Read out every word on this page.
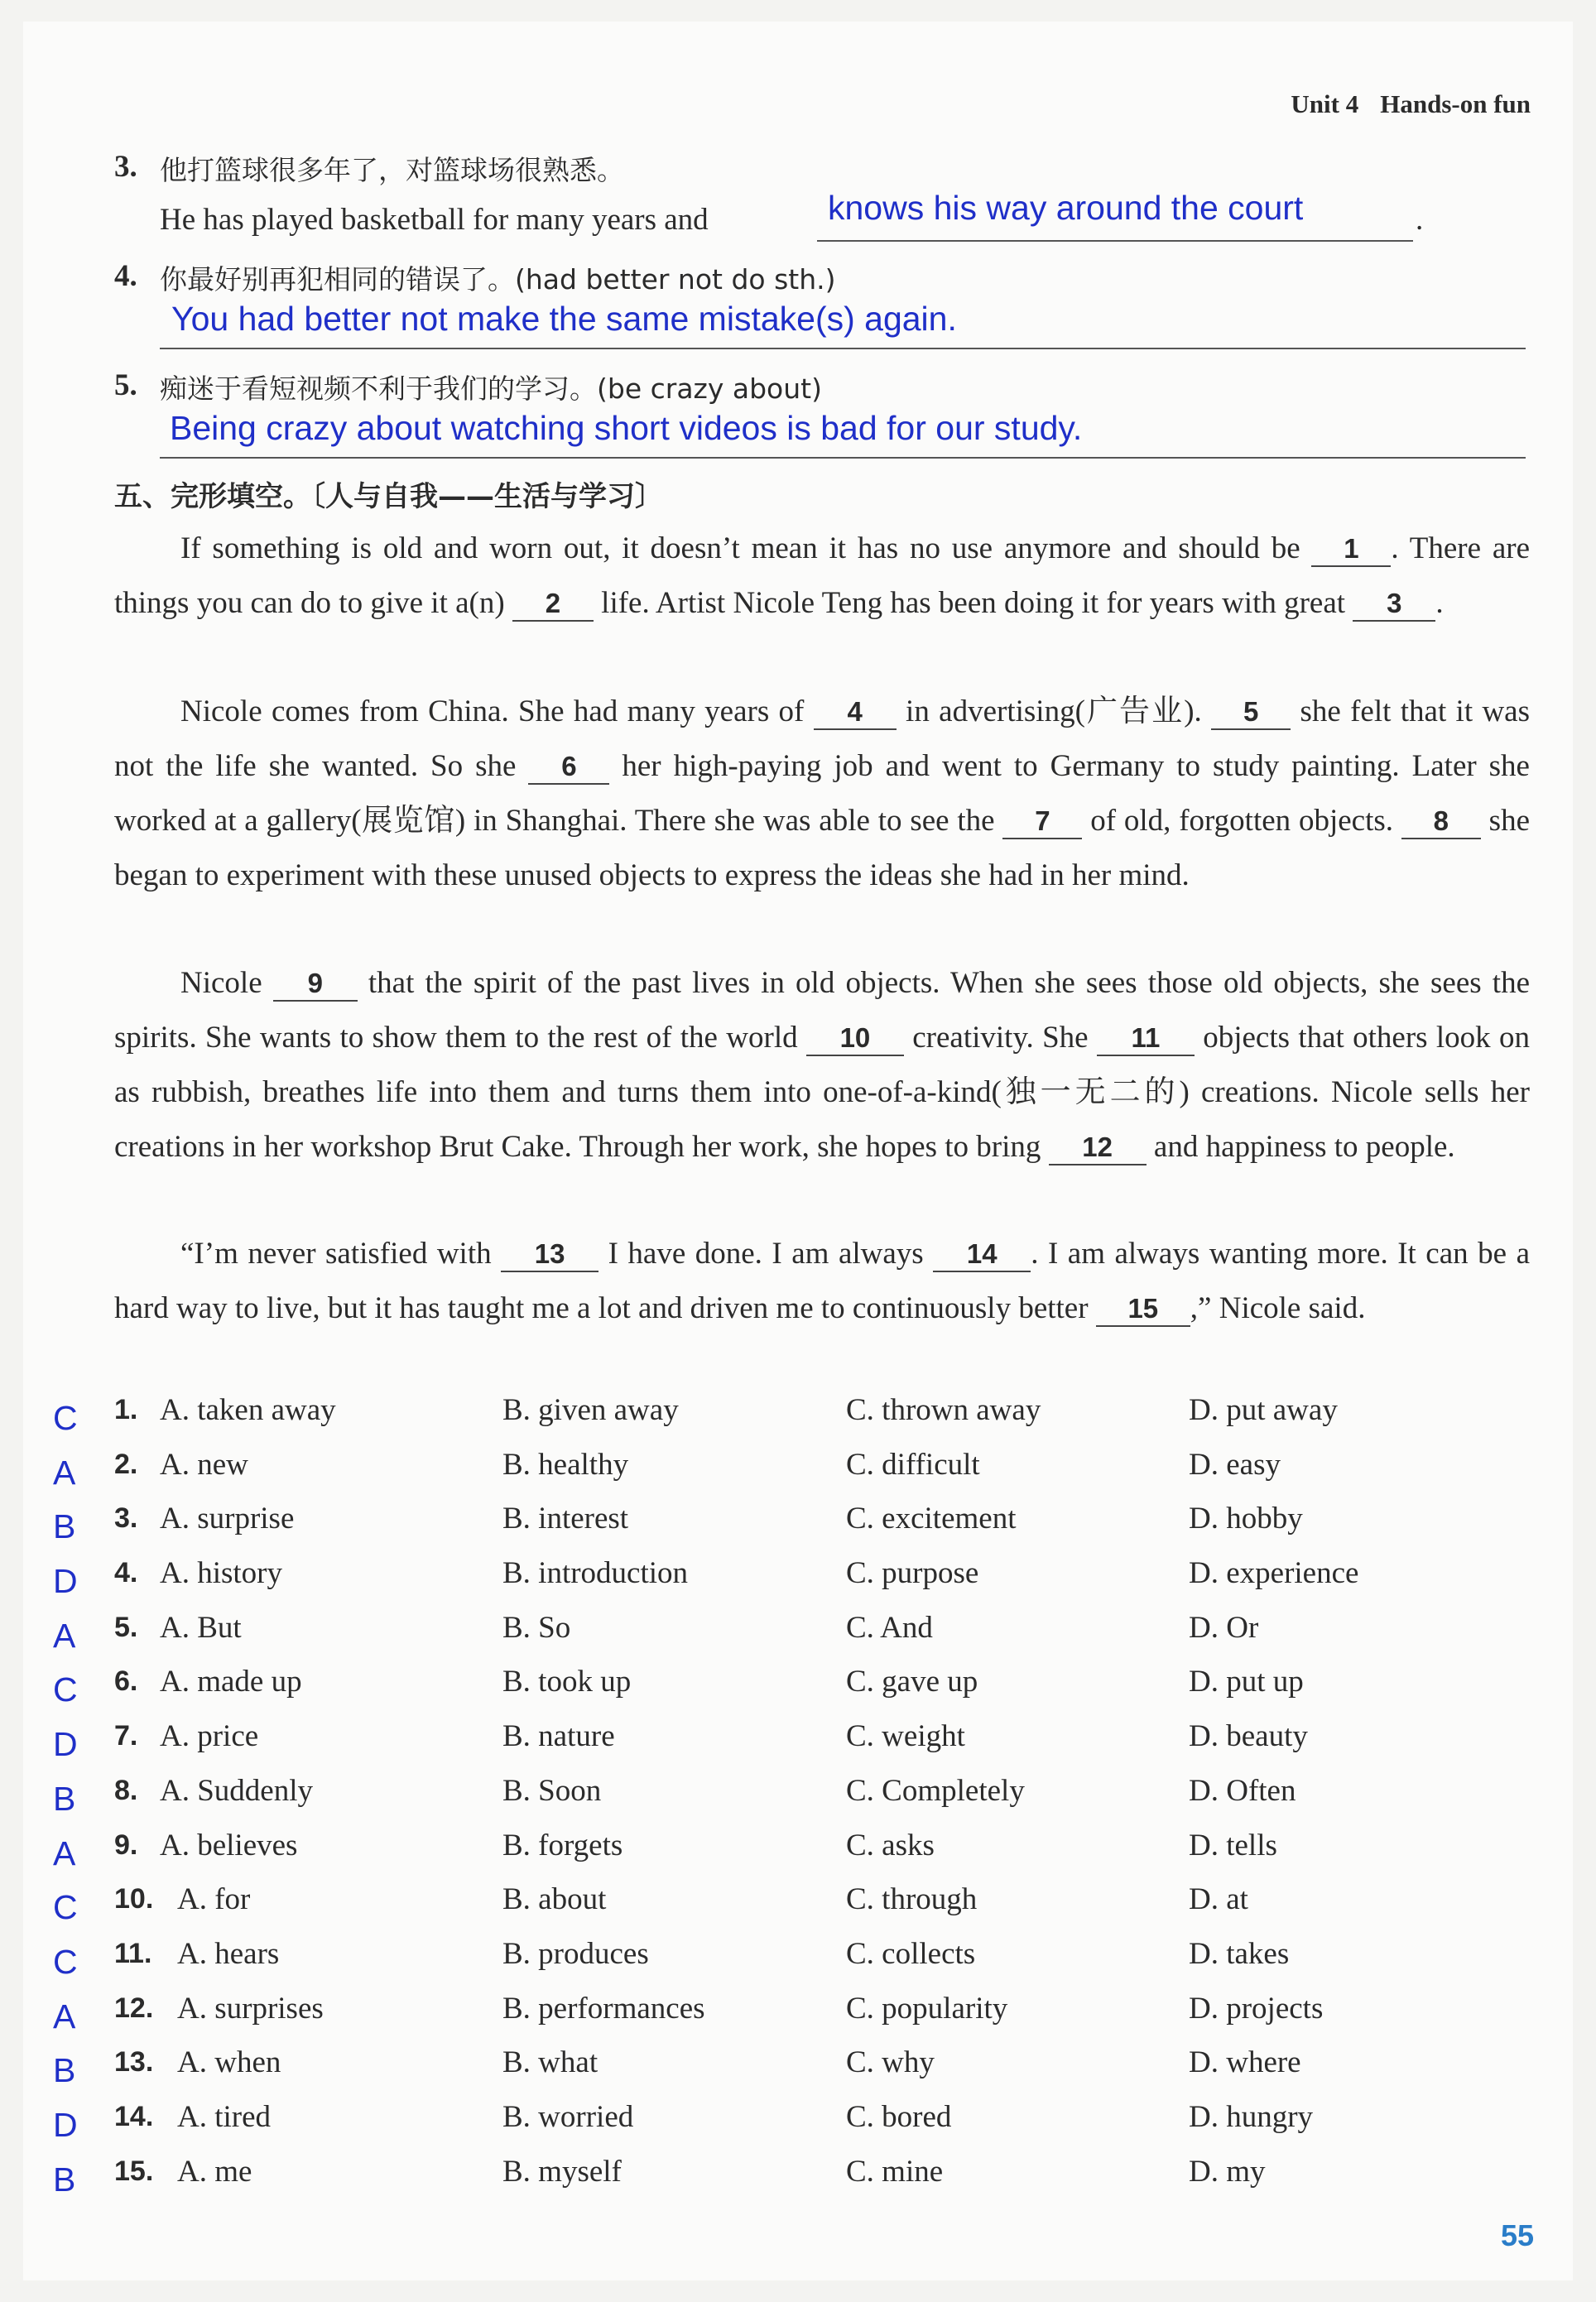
Unit 4 Hands-on fun
3. 他打篮球很多年了，对篮球场很熟悉。
He has played basketball for many years and	knows his way around the court	.
4. 你最好别再犯相同的错误了。(had better not do sth.)
You had better not make the same mistake(s) again.
5. 痴迷于看短视频不利于我们的学习。(be crazy about)
Being crazy about watching short videos is bad for our study.
五、完形填空。〔人与自我——生活与学习〕
If something is old and worn out, it doesn’t mean it has no use anymore and should be 1 . There are things you can do to give it a(n) 2 life. Artist Nicole Teng has been doing it for years with great 3 .
Nicole comes from China. She had many years of 4 in advertising(广告业). 5 she felt that it was not the life she wanted. So she 6 her high-paying job and went to Germany to study painting. Later she worked at a gallery(展览馆) in Shanghai. There she was able to see the 7 of old, forgotten objects. 8 she began to experiment with these unused objects to express the ideas she had in her mind.
Nicole 9 that the spirit of the past lives in old objects. When she sees those old objects, she sees the spirits. She wants to show them to the rest of the world 10 creativity. She 11 objects that others look on as rubbish, breathes life into them and turns them into one-of-a-kind(独一无二的) creations. Nicole sells her creations in her workshop Brut Cake. Through her work, she hopes to bring 12 and happiness to people.
“I’m never satisfied with 13 I have done. I am always 14 . I am always wanting more. It can be a hard way to live, but it has taught me a lot and driven me to continuously better 15 ,” Nicole said.
C 1. A. taken away	B. given away	C. thrown away	D. put away
A 2. A. new	B. healthy	C. difficult	D. easy
B 3. A. surprise	B. interest	C. excitement	D. hobby
D 4. A. history	B. introduction	C. purpose	D. experience
A 5. A. But	B. So	C. And	D. Or
C 6. A. made up	B. took up	C. gave up	D. put up
D 7. A. price	B. nature	C. weight	D. beauty
B 8. A. Suddenly	B. Soon	C. Completely	D. Often
A 9. A. believes	B. forgets	C. asks	D. tells
C 10. A. for	B. about	C. through	D. at
C 11. A. hears	B. produces	C. collects	D. takes
A 12. A. surprises	B. performances	C. popularity	D. projects
B 13. A. when	B. what	C. why	D. where
D 14. A. tired	B. worried	C. bored	D. hungry
B 15. A. me	B. myself	C. mine	D. my
55
